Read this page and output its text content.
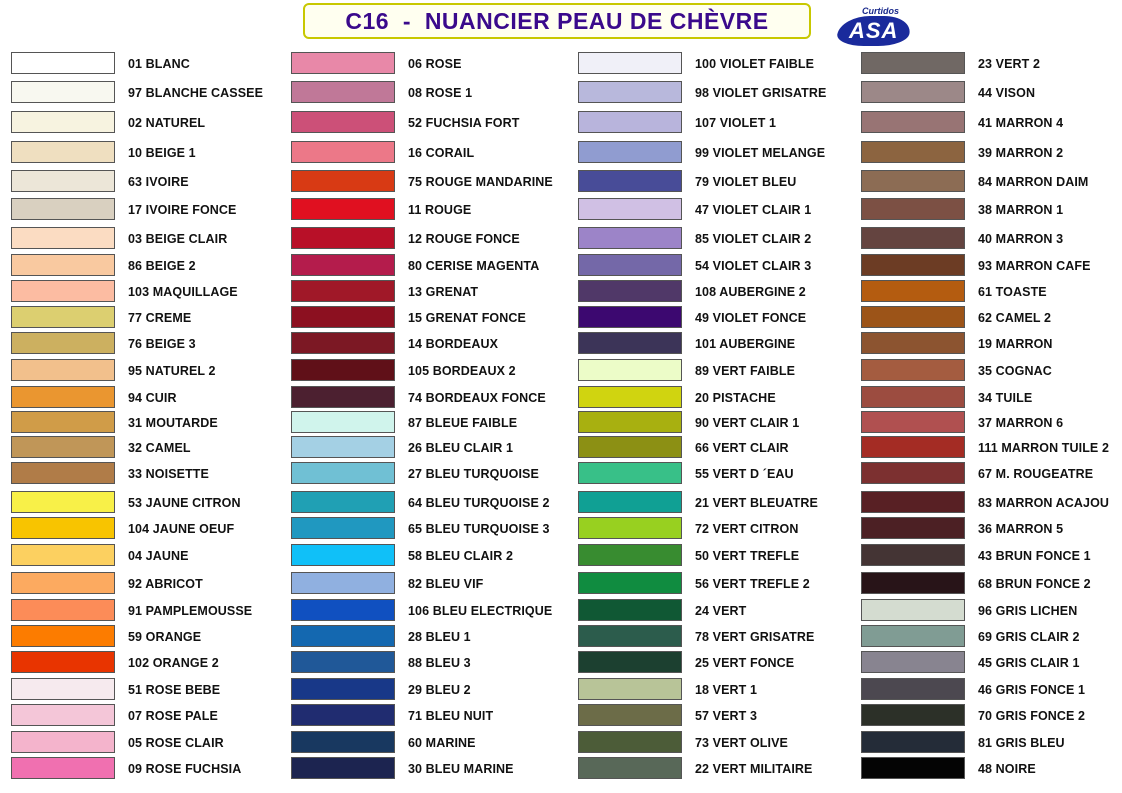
C16  -  NUANCIER PEAU DE CHÈVRE	Curtidos
ASA
01 BLANC
97 BLANCHE CASSEE
02 NATUREL
10 BEIGE 1
63 IVOIRE
17 IVOIRE FONCE
03 BEIGE CLAIR
86 BEIGE 2
103 MAQUILLAGE
77 CREME
76 BEIGE 3
95 NATUREL 2
94 CUIR
31 MOUTARDE
32 CAMEL
33 NOISETTE
53 JAUNE CITRON
104 JAUNE OEUF
04 JAUNE
92 ABRICOT
91 PAMPLEMOUSSE
59 ORANGE
102 ORANGE 2
51 ROSE BEBE
07 ROSE PALE
05 ROSE CLAIR
09 ROSE FUCHSIA
06 ROSE
08 ROSE 1
52 FUCHSIA FORT
16 CORAIL
75 ROUGE MANDARINE
11 ROUGE
12 ROUGE FONCE
80 CERISE MAGENTA
13 GRENAT
15 GRENAT FONCE
14 BORDEAUX
105 BORDEAUX 2
74 BORDEAUX FONCE
87 BLEUE FAIBLE
26 BLEU CLAIR 1
27 BLEU TURQUOISE
64 BLEU TURQUOISE 2
65 BLEU TURQUOISE 3
58 BLEU CLAIR 2
82 BLEU VIF
106 BLEU ELECTRIQUE
28 BLEU 1
88 BLEU 3
29 BLEU 2
71 BLEU NUIT
60 MARINE
30 BLEU MARINE
100 VIOLET FAIBLE
98 VIOLET GRISATRE
107 VIOLET 1
99 VIOLET MELANGE
79 VIOLET BLEU
47 VIOLET CLAIR 1
85 VIOLET CLAIR 2
54 VIOLET CLAIR 3
108 AUBERGINE 2
49 VIOLET FONCE
101 AUBERGINE
89 VERT FAIBLE
20 PISTACHE
90 VERT CLAIR 1
66 VERT CLAIR
55 VERT D ´EAU
21 VERT BLEUATRE
72 VERT CITRON
50 VERT TREFLE
56 VERT TREFLE 2
24 VERT
78 VERT GRISATRE
25 VERT FONCE
18 VERT 1
57 VERT 3
73 VERT OLIVE
22 VERT MILITAIRE
23 VERT 2
44 VISON
41 MARRON 4
39 MARRON 2
84 MARRON DAIM
38 MARRON 1
40 MARRON 3
93 MARRON CAFE
61 TOASTE
62 CAMEL 2
19 MARRON
35 COGNAC
34 TUILE
37 MARRON 6
111 MARRON TUILE 2
67 M. ROUGEATRE
83 MARRON ACAJOU
36 MARRON 5
43 BRUN FONCE 1
68 BRUN FONCE 2
96 GRIS LICHEN
69 GRIS CLAIR 2
45 GRIS CLAIR 1
46 GRIS FONCE 1
70 GRIS FONCE 2
81 GRIS BLEU
48 NOIRE
